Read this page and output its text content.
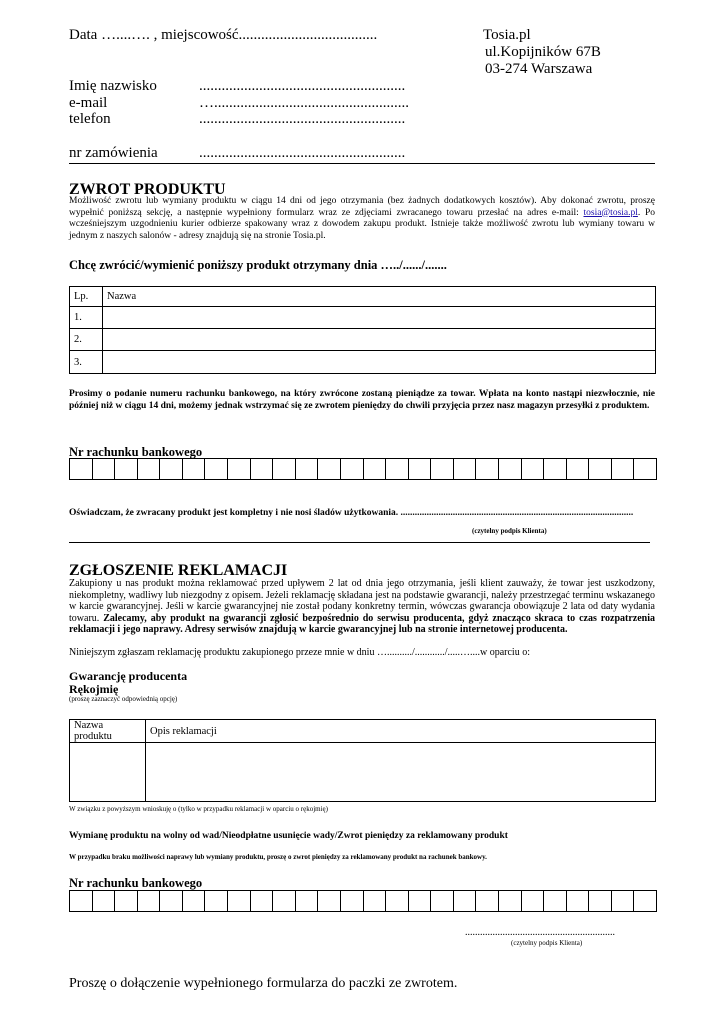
Data …....…. , miejscowość.....................................	Tosia.pl
ul.Kopijników 67B
03-274 Warszawa
Imię nazwisko	.......................................................
e-mail	…....................................................
telefon	.......................................................
nr zamówienia	.......................................................
ZWROT PRODUKTU
Możliwość zwrotu lub wymiany produktu w ciągu 14 dni od jego otrzymania (bez żadnych dodatkowych kosztów). Aby dokonać zwrotu, proszę wypełnić poniższą sekcję, a następnie wypełniony formularz wraz ze zdjęciami zwracanego towaru przesłać na adres e-mail: tosia@tosia.pl. Po wcześniejszym uzgodnieniu kurier odbierze spakowany wraz z dowodem zakupu produkt. Istnieje także możliwość zwrotu lub wymiany towaru w jednym z naszych salonów - adresy znajdują się na stronie Tosia.pl.
Chcę zwrócić/wymienić poniższy produkt otrzymany dnia …../....../.......
Lp.	Nazwa
1.	
2.	
3.	
Prosimy o podanie numeru rachunku bankowego, na który zwrócone zostaną pieniądze za towar. Wpłata na konto nastąpi niezwłocznie, nie później niż w ciągu 14 dni, możemy jednak wstrzymać się ze zwrotem pieniędzy do chwili przyjęcia przez nasz magazyn przesyłki z produktem.
Nr rachunku bankowego
Oświadczam, że zwracany produkt jest kompletny i nie nosi śladów użytkowania. ..................................................................................................
(czytelny podpis Klienta)
ZGŁOSZENIE REKLAMACJI
Zakupiony u nas produkt można reklamować przed upływem 2 lat od dnia jego otrzymania, jeśli klient zauważy, że towar jest uszkodzony, niekompletny, wadliwy lub niezgodny z opisem. Jeżeli reklamację składana jest na podstawie gwarancji, należy przestrzegać terminu wskazanego w karcie gwarancyjnej. Jeśli w karcie gwarancyjnej nie został podany konkretny termin, wówczas gwarancja obowiązuje 2 lata od daty wydania towaru. Zalecamy, aby produkt na gwarancji zgłosić bezpośrednio do serwisu producenta, gdyż znacząco skraca to czas rozpatrzenia reklamacji i jego naprawy. Adresy serwisów znajdują w karcie gwarancyjnej lub na stronie internetowej producenta.
Niniejszym zgłaszam reklamację produktu zakupionego przeze mnie w dniu …........../............/.....…....w oparciu o:
Gwarancję producenta
Rękojmię
(proszę zaznaczyć odpowiednią opcję)
Nazwa produktu	Opis reklamacji

W związku z powyższym wnioskuję o (tylko w przypadku reklamacji w oparciu o rękojmię)
Wymianę produktu na wolny od wad/Nieodpłatne usunięcie wady/Zwrot pieniędzy za reklamowany produkt
W przypadku braku możliwości naprawy lub wymiany produktu, proszę o zwrot pieniędzy za reklamowany produkt na rachunek bankowy.
Nr rachunku bankowego
............................................................
(czytelny podpis Klienta)
Proszę o dołączenie wypełnionego formularza do paczki ze zwrotem.
